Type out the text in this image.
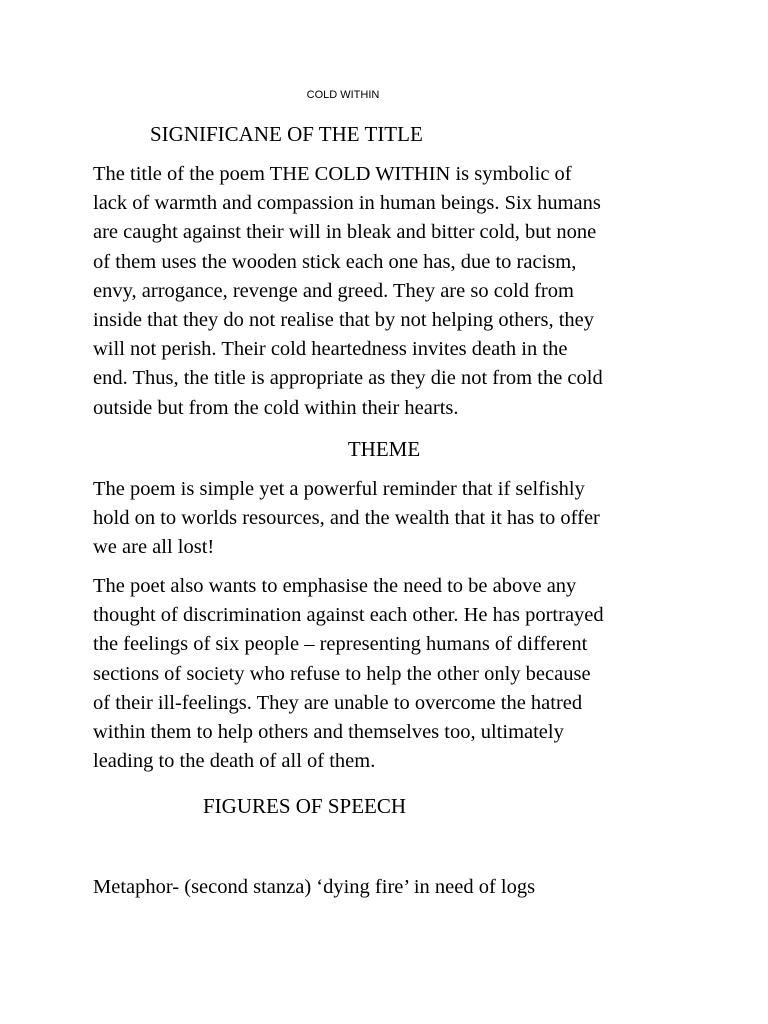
COLD WITHIN
SIGNIFICANE OF THE TITLE

The title of the poem THE COLD WITHIN is symbolic of
lack of warmth and compassion in human beings. Six humans
are caught against their will in bleak and bitter cold, but none
of them uses the wooden stick each one has, due to racism,
envy, arrogance, revenge and greed. They are so cold from
inside that they do not realise that by not helping others, they
will not perish. Their cold heartedness invites death in the
end. Thus, the title is appropriate as they die not from the cold
outside but from the cold within their hearts.

THEME

The poem is simple yet a powerful reminder that if selfishly
hold on to worlds resources, and the wealth that it has to offer
we are all lost!

The poet also wants to emphasise the need to be above any
thought of discrimination against each other. He has portrayed
the feelings of six people – representing humans of different
sections of society who refuse to help the other only because
of their ill-feelings. They are unable to overcome the hatred
within them to help others and themselves too, ultimately
leading to the death of all of them.

FIGURES OF SPEECH

Metaphor- (second stanza) ‘dying fire’ in need of logs
